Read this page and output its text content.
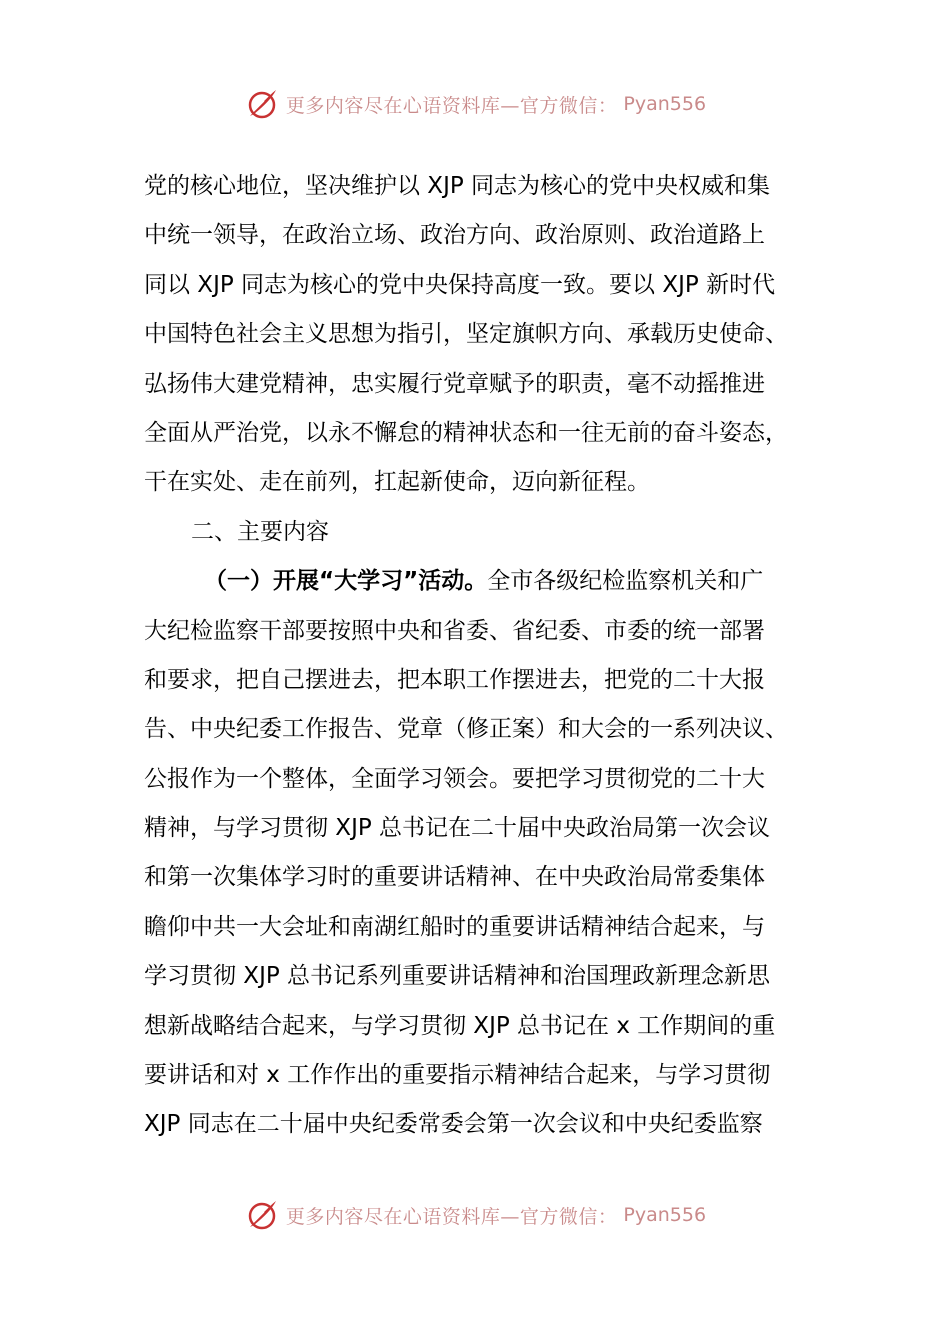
更多内容尽在心语资料库—官方微信： Pyan556
党的核心地位，坚决维护以 XJP 同志为核心的党中央权威和集
中统一领导，在政治立场、政治方向、政治原则、政治道路上
同以 XJP 同志为核心的党中央保持高度一致。要以 XJP 新时代
中国特色社会主义思想为指引，坚定旗帜方向、承载历史使命、
弘扬伟大建党精神，忠实履行党章赋予的职责，毫不动摇推进
全面从严治党，以永不懈怠的精神状态和一往无前的奋斗姿态，
干在实处、走在前列，扛起新使命，迈向新征程。
二、主要内容
（一）开展“大学习”活动。全市各级纪检监察机关和广
大纪检监察干部要按照中央和省委、省纪委、市委的统一部署
和要求，把自己摆进去，把本职工作摆进去，把党的二十大报
告、中央纪委工作报告、党章（修正案）和大会的一系列决议、
公报作为一个整体，全面学习领会。要把学习贯彻党的二十大
精神，与学习贯彻 XJP 总书记在二十届中央政治局第一次会议
和第一次集体学习时的重要讲话精神、在中央政治局常委集体
瞻仰中共一大会址和南湖红船时的重要讲话精神结合起来，与
学习贯彻 XJP 总书记系列重要讲话精神和治国理政新理念新思
想新战略结合起来，与学习贯彻 XJP 总书记在 x 工作期间的重
要讲话和对 x 工作作出的重要指示精神结合起来，与学习贯彻
XJP 同志在二十届中央纪委常委会第一次会议和中央纪委监察
更多内容尽在心语资料库—官方微信： Pyan556
